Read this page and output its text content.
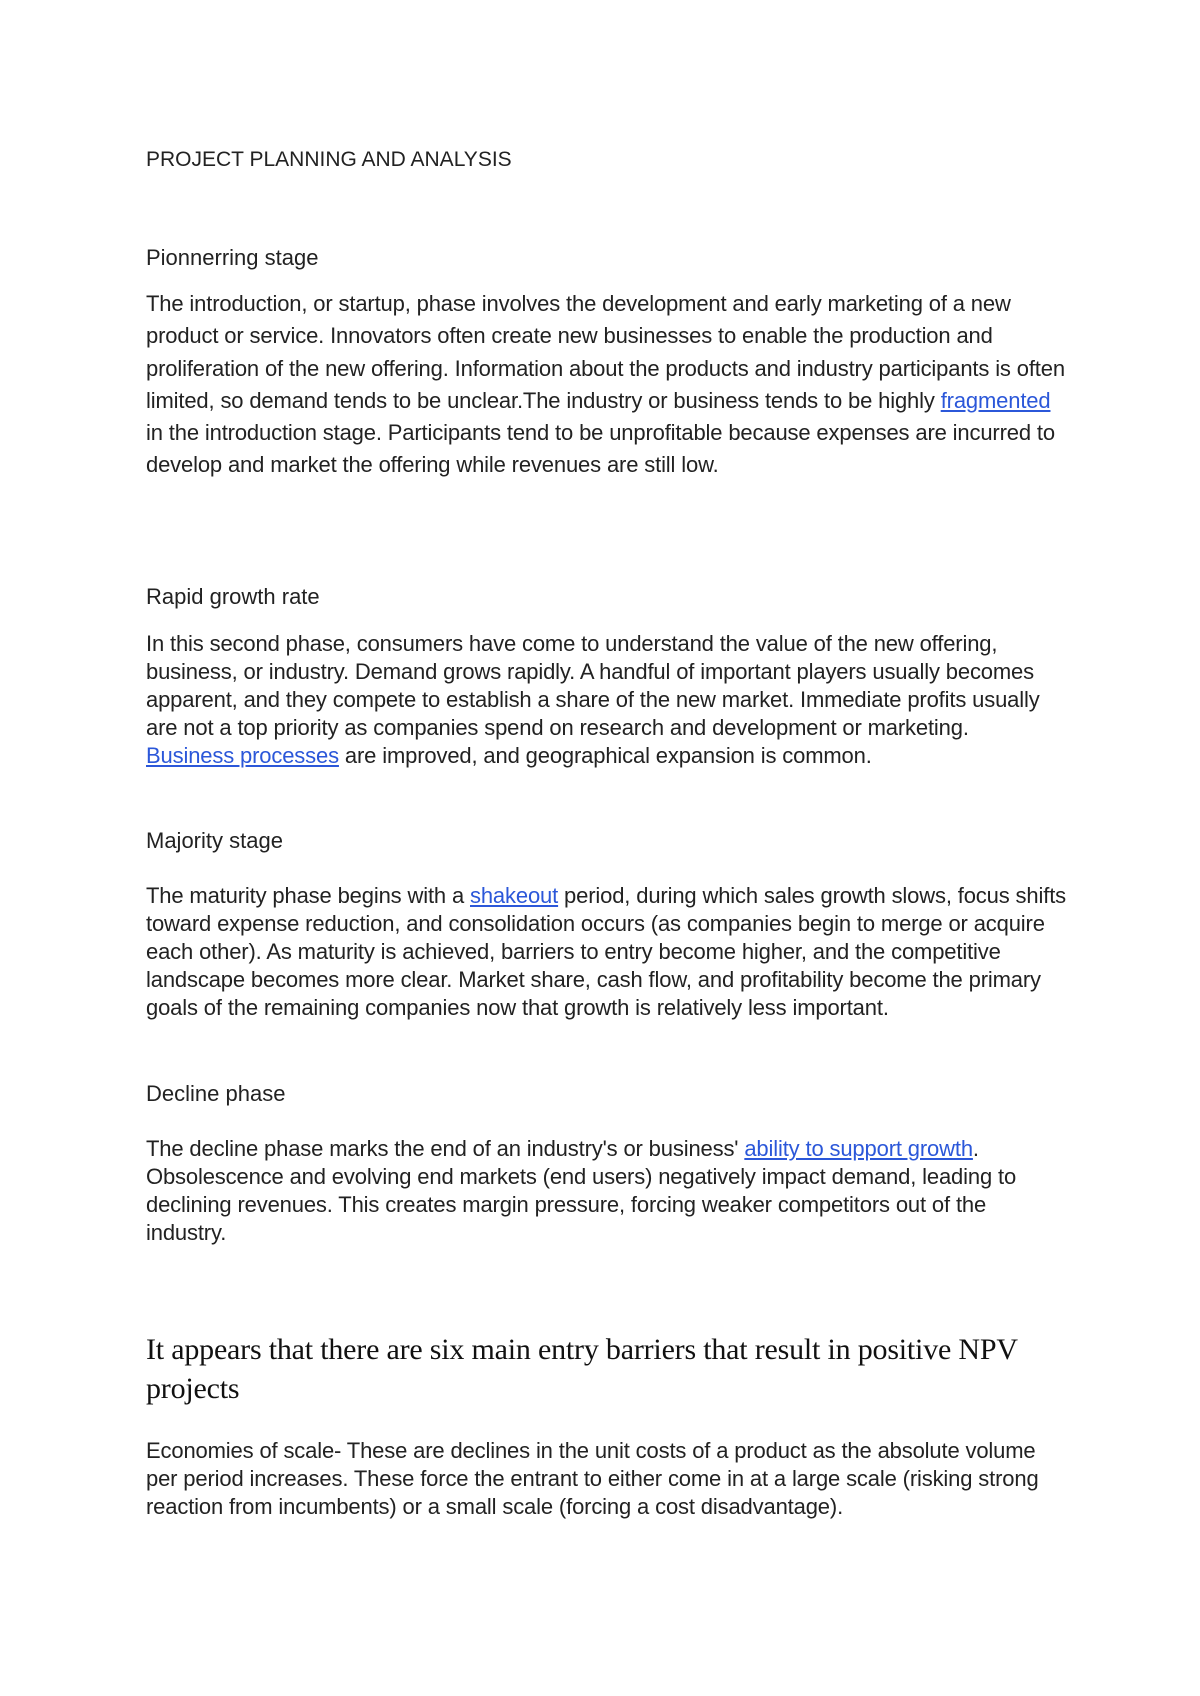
PROJECT PLANNING AND ANALYSIS
Pionnerring stage

The introduction, or startup, phase involves the development and early marketing of a new product or service. Innovators often create new businesses to enable the production and proliferation of the new offering. Information about the products and industry participants is often limited, so demand tends to be unclear.The industry or business tends to be highly fragmented in the introduction stage. Participants tend to be unprofitable because expenses are incurred to develop and market the offering while revenues are still low.

Rapid growth rate

In this second phase, consumers have come to understand the value of the new offering, business, or industry. Demand grows rapidly. A handful of important players usually becomes apparent, and they compete to establish a share of the new market. Immediate profits usually are not a top priority as companies spend on research and development or marketing. Business processes are improved, and geographical expansion is common.

Majority stage

The maturity phase begins with a shakeout period, during which sales growth slows, focus shifts toward expense reduction, and consolidation occurs (as companies begin to merge or acquire each other). As maturity is achieved, barriers to entry become higher, and the competitive landscape becomes more clear. Market share, cash flow, and profitability become the primary goals of the remaining companies now that growth is relatively less important.

Decline phase

The decline phase marks the end of an industry's or business' ability to support growth. Obsolescence and evolving end markets (end users) negatively impact demand, leading to declining revenues. This creates margin pressure, forcing weaker competitors out of the industry.

It appears that there are six main entry barriers that result in positive NPV projects

Economies of scale- These are declines in the unit costs of a product as the absolute volume per period increases. These force the entrant to either come in at a large scale (risking strong reaction from incumbents) or a small scale (forcing a cost disadvantage).
